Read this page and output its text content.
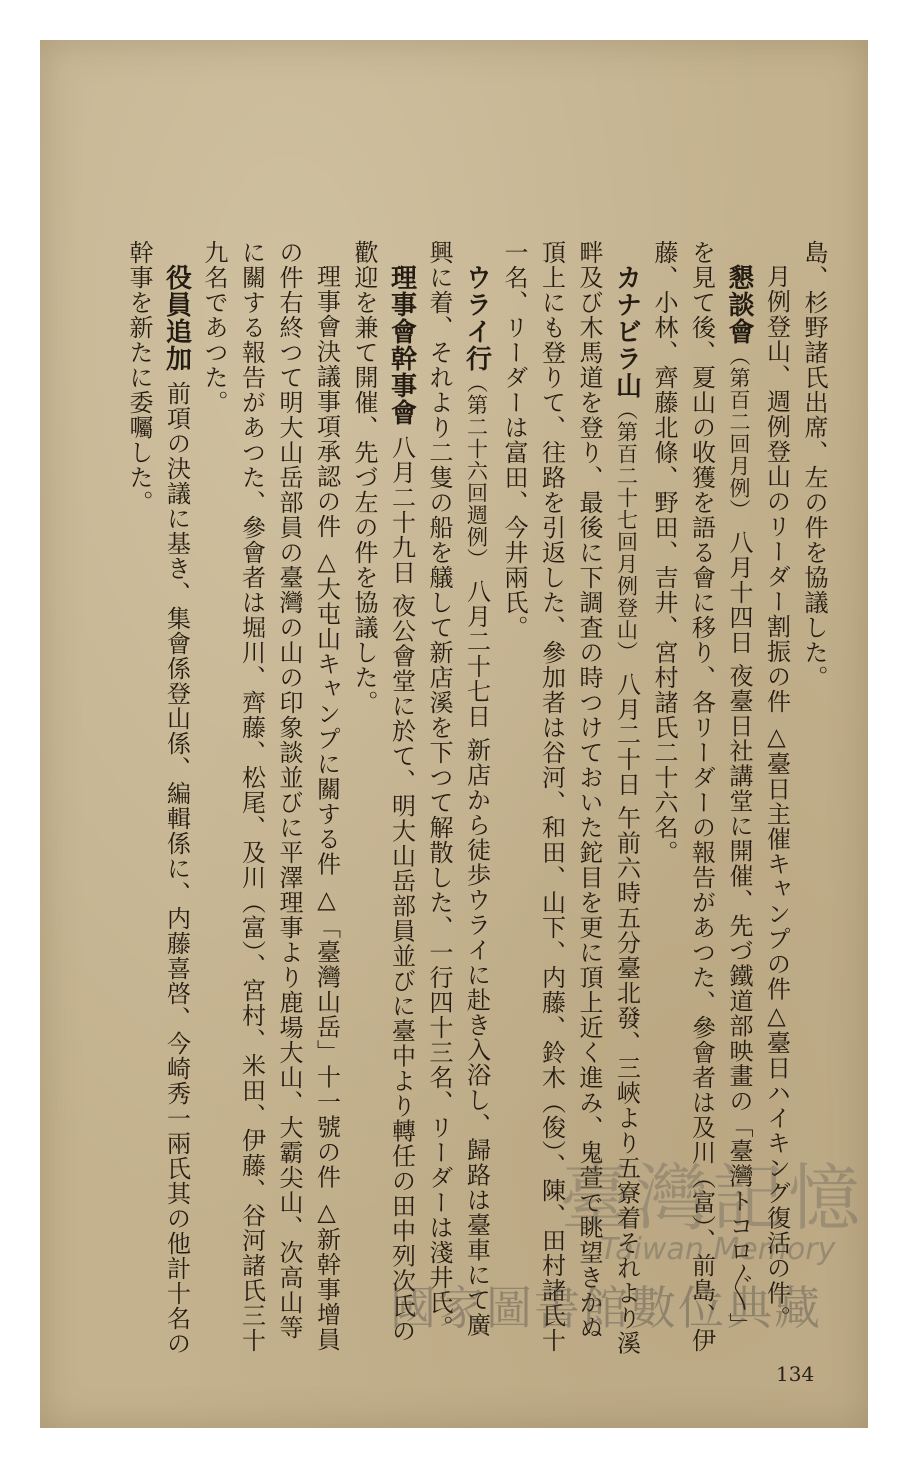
島、杉野諸氏出席、左の件を協議した。

月例登山、週例登山のリーダー割振の件 △臺日主催キャンプの件△臺日ハイキング復活の件。

懇談會（第百二回月例） 八月十四日 夜臺日社講堂に開催、先づ鐵道部映畫の「臺灣トコロ〴〵」を見て後、夏山の收獲を語る會に移り、各リーダーの報告があつた、參會者は及川（富）、前島、伊藤、小林、齊藤北條、野田、吉井、宮村諸氏二十六名。

カナビラ山（第百二十七回月例登山） 八月二十日 午前六時五分臺北發、三峽より五寮着それより溪畔及び木馬道を登り、最後に下調査の時つけておいた鉈目を更に頂上近く進み、鬼萱で眺望きかぬ頂上にも登りて、往路を引返した、參加者は谷河、和田、山下、内藤、鈴木（俊）、陳、田村諸氏十一名、リーダーは富田、今井兩氏。

ウライ行（第二十六回週例） 八月二十七日 新店から徒歩ウライに赴き入浴し、歸路は臺車にて廣興に着、それより二隻の船を艤して新店溪を下つて解散した、一行四十三名、リーダーは淺井氏。

理事會幹事會 八月二十九日 夜公會堂に於て、明大山岳部員並びに臺中より轉任の田中列次氏の歡迎を兼て開催、先づ左の件を協議した。

理事會決議事項承認の件 △大屯山キャンプに關する件 △「臺灣山岳」十一號の件 △新幹事增員の件右終つて明大山岳部員の臺灣の山の印象談並びに平澤理事より鹿場大山、大霸尖山、次高山等に關する報告があつた、參會者は堀川、齊藤、松尾、及川（富）、宮村、米田、伊藤、谷河諸氏三十九名であつた。

役員追加 前項の決議に基き、集會係登山係、編輯係に、内藤喜啓、今崎秀一兩氏其の他計十名の幹事を新たに委囑した。

134
臺灣記憶
Taiwan Memory
國家圖書館數位典藏
